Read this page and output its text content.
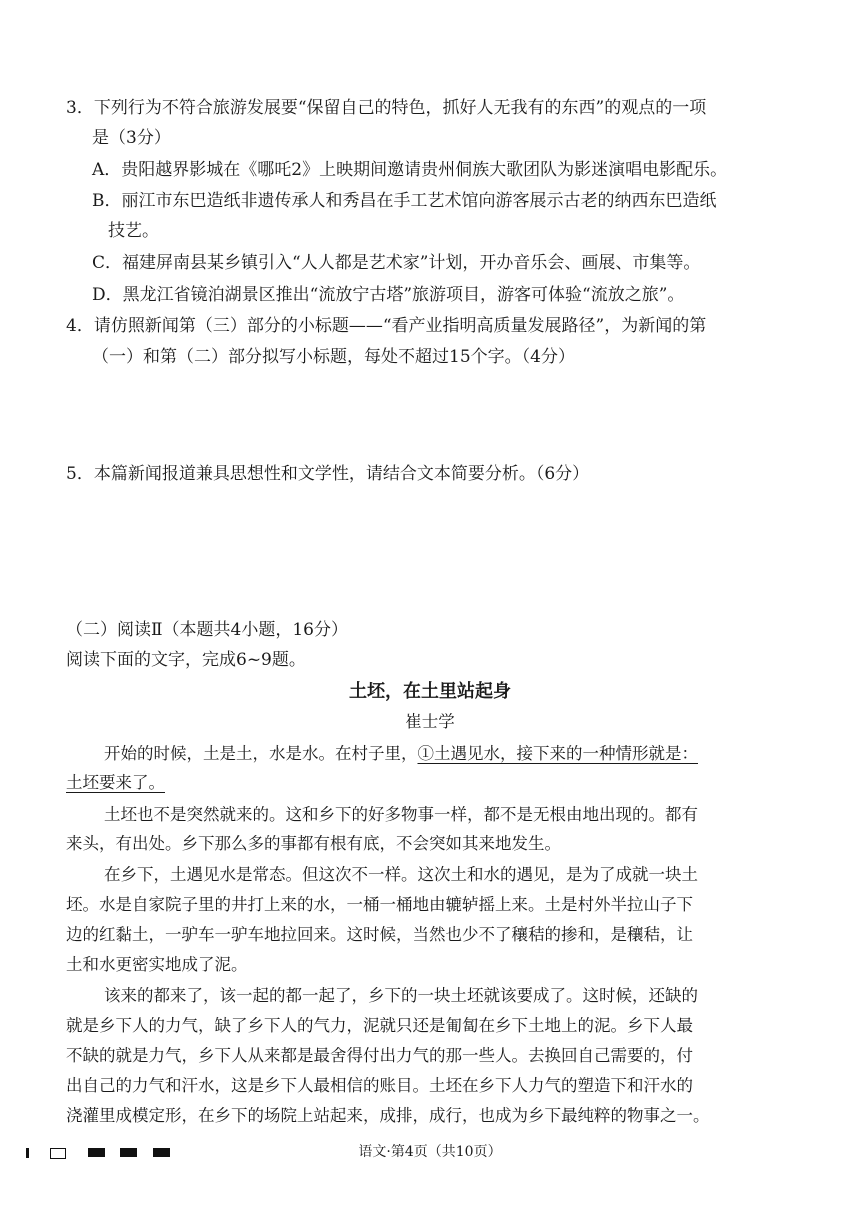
3．下列行为不符合旅游发展要“保留自己的特色，抓好人无我有的东西”的观点的一项
是（3分）
A．贵阳越界影城在《哪吒2》上映期间邀请贵州侗族大歌团队为影迷演唱电影配乐。
B．丽江市东巴造纸非遗传承人和秀昌在手工艺术馆向游客展示古老的纳西东巴造纸
技艺。
C．福建屏南县某乡镇引入“人人都是艺术家”计划，开办音乐会、画展、市集等。
D．黑龙江省镜泊湖景区推出“流放宁古塔”旅游项目，游客可体验“流放之旅”。
4．请仿照新闻第（三）部分的小标题——“看产业指明高质量发展路径”，为新闻的第
（一）和第（二）部分拟写小标题，每处不超过15个字。（4分）
5．本篇新闻报道兼具思想性和文学性，请结合文本简要分析。（6分）
（二）阅读Ⅱ（本题共4小题，16分）
阅读下面的文字，完成6~9题。
土坯，在土里站起身
崔士学
开始的时候，土是土，水是水。在村子里，①土遇见水，接下来的一种情形就是：
土坯要来了。
土坯也不是突然就来的。这和乡下的好多物事一样，都不是无根由地出现的。都有
来头，有出处。乡下那么多的事都有根有底，不会突如其来地发生。
在乡下，土遇见水是常态。但这次不一样。这次土和水的遇见，是为了成就一块土
坯。水是自家院子里的井打上来的水，一桶一桶地由辘轳摇上来。土是村外半拉山子下
边的红黏土，一驴车一驴车地拉回来。这时候，当然也少不了穰秸的掺和，是穰秸，让
土和水更密实地成了泥。
该来的都来了，该一起的都一起了，乡下的一块土坯就该要成了。这时候，还缺的
就是乡下人的力气，缺了乡下人的气力，泥就只还是匍匐在乡下土地上的泥。乡下人最
不缺的就是力气，乡下人从来都是最舍得付出力气的那一些人。去换回自己需要的，付
出自己的力气和汗水，这是乡下人最相信的账目。土坯在乡下人力气的塑造下和汗水的
浇灌里成模定形，在乡下的场院上站起来，成排，成行，也成为乡下最纯粹的物事之一。
语文·第4页（共10页）
